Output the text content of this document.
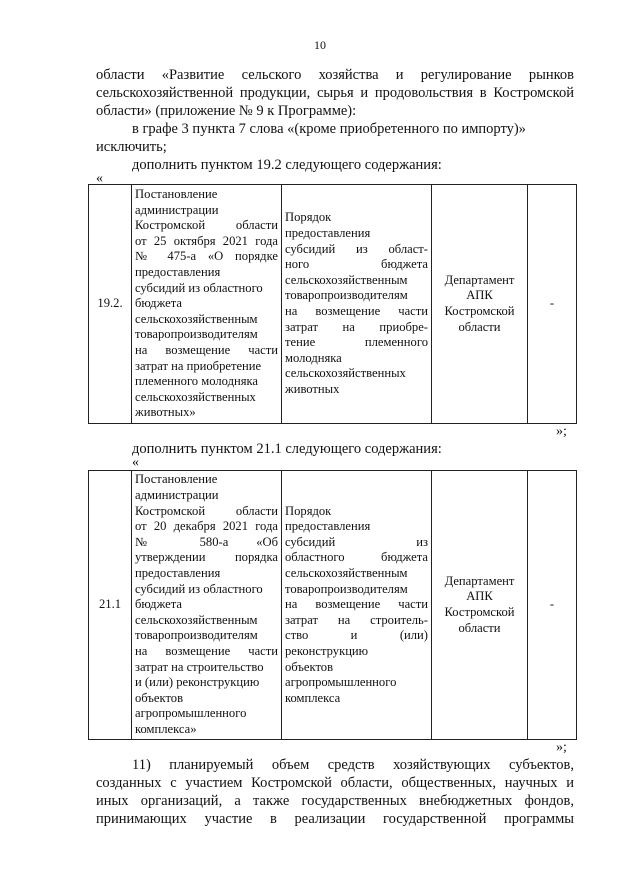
10
области «Развитие сельского хозяйства и регулирование рынков
сельскохозяйственной продукции, сырья и продовольствия в Костромской
области» (приложение № 9 к Программе):
в графе 3 пункта 7 слова «(кроме приобретенного по импорту)»
исключить;
дополнить пунктом 19.2 следующего содержания:
«
19.2.	Постановление
администрации

Костромской области
от 25 октября 2021 года
№ 475-а «О порядке
предоставления
субсидий из областного
бюджета
сельскохозяйственным
товаропроизводителям

на возмещение части
затрат на приобретение
племенного молодняка
сельскохозяйственных
животных»	Порядок
предоставления

субсидий из област-
ного бюджета
сельскохозяйственным
товаропроизводителям

на возмещение части
затрат на приобре-
тение племенного
молодняка
сельскохозяйственных
животных	Департамент
АПК
Костромской
области	-
»;
дополнить пунктом 21.1 следующего содержания:
«
21.1	Постановление
администрации

Костромской области
от 20 декабря 2021 года
№ 580-а «Об
утверждении порядка
предоставления
субсидий из областного
бюджета
сельскохозяйственным
товаропроизводителям

на возмещение части
затрат на строительство
и (или) реконструкцию
объектов
агропромышленного
комплекса»	Порядок
предоставления

субсидий из
областного бюджета
сельскохозяйственным
товаропроизводителям

на возмещение части
затрат на строитель-
ство и (или)
реконструкцию
объектов
агропромышленного
комплекса	Департамент
АПК
Костромской
области	-
»;
11) планируемый объем средств хозяйствующих субъектов,
созданных с участием Костромской области, общественных, научных и
иных организаций, а также государственных внебюджетных фондов,
принимающих участие в реализации государственной программы
